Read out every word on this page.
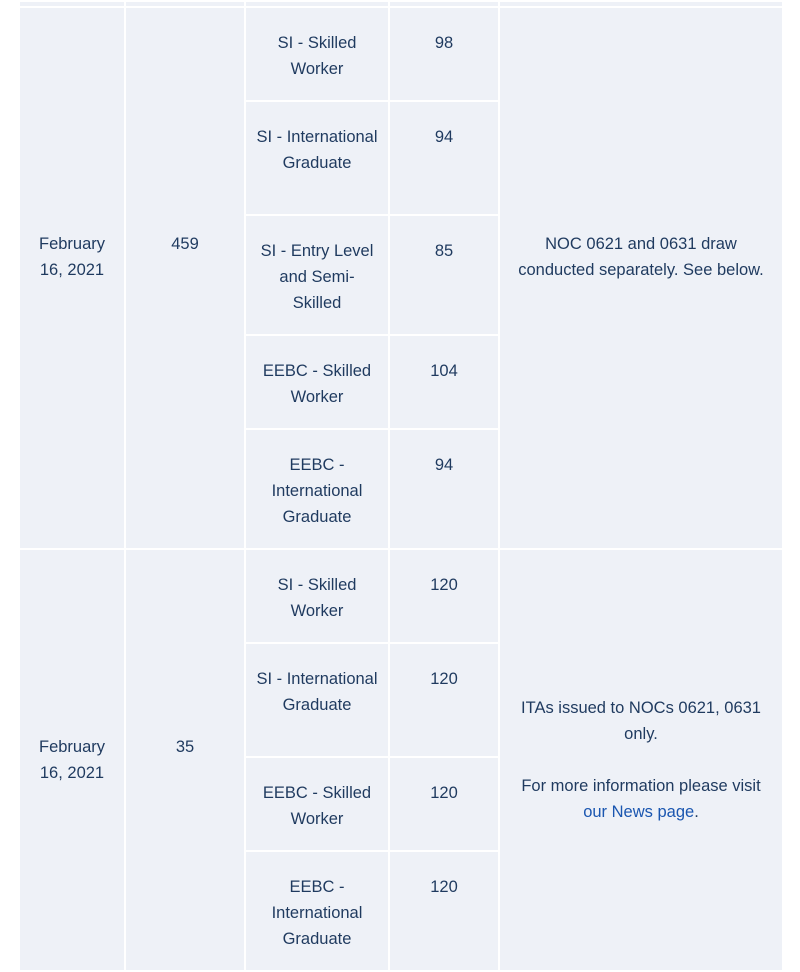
February 16, 2021	459	SI - Skilled Worker	98	NOC 0621 and 0631 draw conducted separately. See below.

		SI - International Graduate	94	
		SI - Entry Level and Semi-Skilled	85	
		EEBC - Skilled Worker	104	
		EEBC - International Graduate	94	
February 16, 2021	35	SI - Skilled Worker	120	ITAs issued to NOCs 0621, 0631 only.

For more information please visit our News page.

		SI - International Graduate	120	
		EEBC - Skilled Worker	120	
		EEBC - International Graduate	120	
